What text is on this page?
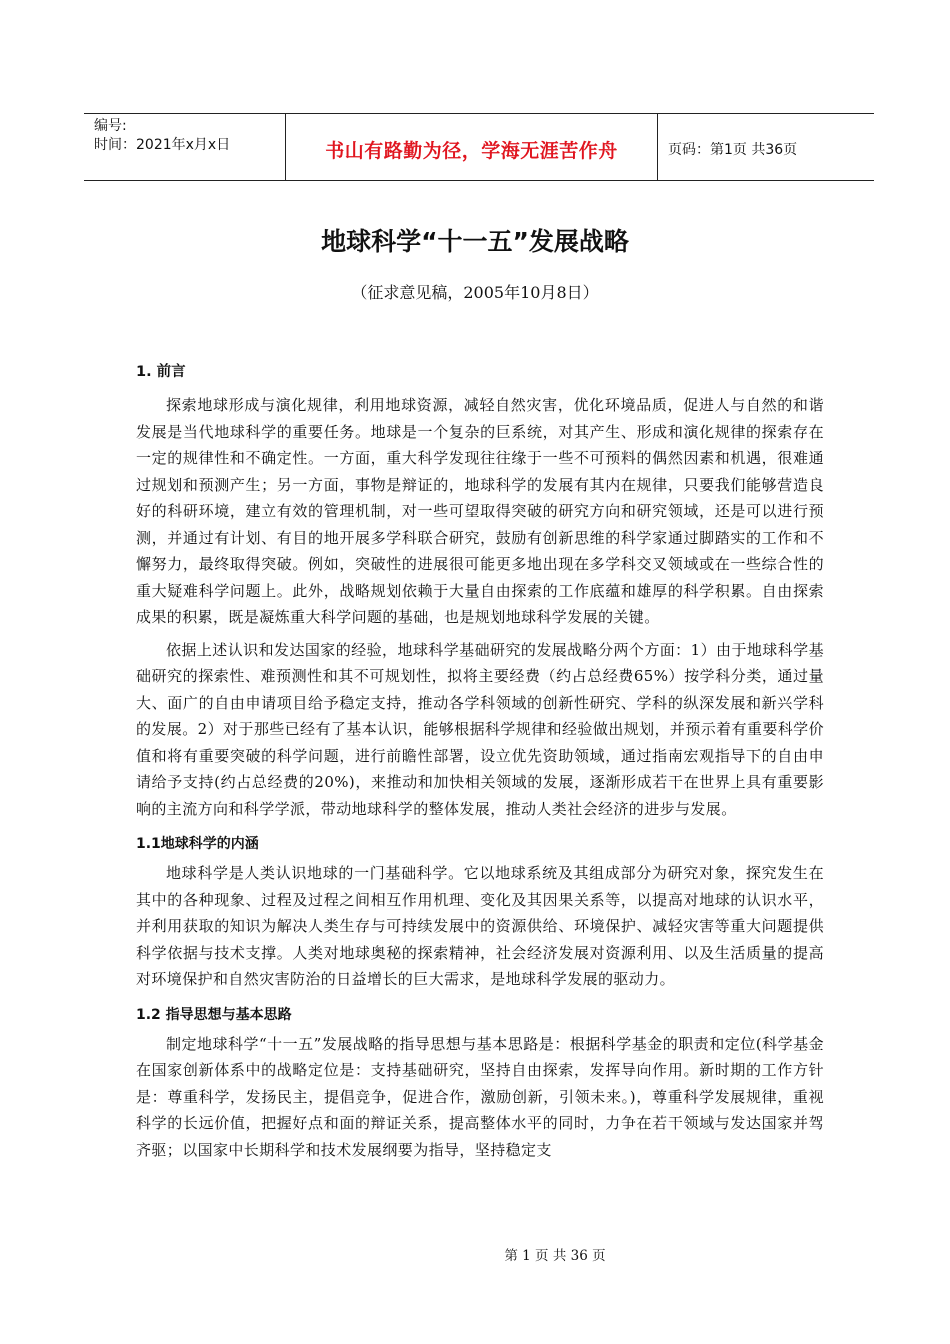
编号:
时间：2021年x月x日	书山有路勤为径，学海无涯苦作舟	页码：第1页 共36页
地球科学“十一五”发展战略
（征求意见稿，2005年10月8日）

1. 前言

探索地球形成与演化规律，利用地球资源，减轻自然灾害，优化环境品质，促进人与自然的和谐发展是当代地球科学的重要任务。地球是一个复杂的巨系统，对其产生、形成和演化规律的探索存在一定的规律性和不确定性。一方面，重大科学发现往往缘于一些不可预料的偶然因素和机遇，很难通过规划和预测产生；另一方面，事物是辩证的，地球科学的发展有其内在规律，只要我们能够营造良好的科研环境，建立有效的管理机制，对一些可望取得突破的研究方向和研究领域，还是可以进行预测，并通过有计划、有目的地开展多学科联合研究，鼓励有创新思维的科学家通过脚踏实的工作和不懈努力，最终取得突破。例如，突破性的进展很可能更多地出现在多学科交叉领域或在一些综合性的重大疑难科学问题上。此外，战略规划依赖于大量自由探索的工作底蕴和雄厚的科学积累。自由探索成果的积累，既是凝炼重大科学问题的基础，也是规划地球科学发展的关键。

依据上述认识和发达国家的经验，地球科学基础研究的发展战略分两个方面：1）由于地球科学基础研究的探索性、难预测性和其不可规划性，拟将主要经费（约占总经费65%）按学科分类，通过量大、面广的自由申请项目给予稳定支持，推动各学科领域的创新性研究、学科的纵深发展和新兴学科的发展。2）对于那些已经有了基本认识，能够根据科学规律和经验做出规划，并预示着有重要科学价值和将有重要突破的科学问题，进行前瞻性部署，设立优先资助领域，通过指南宏观指导下的自由申请给予支持(约占总经费的20%)，来推动和加快相关领域的发展，逐渐形成若干在世界上具有重要影响的主流方向和科学学派，带动地球科学的整体发展，推动人类社会经济的进步与发展。

1.1地球科学的内涵

地球科学是人类认识地球的一门基础科学。它以地球系统及其组成部分为研究对象，探究发生在其中的各种现象、过程及过程之间相互作用机理、变化及其因果关系等，以提高对地球的认识水平，并利用获取的知识为解决人类生存与可持续发展中的资源供给、环境保护、减轻灾害等重大问题提供科学依据与技术支撑。人类对地球奥秘的探索精神，社会经济发展对资源利用、以及生活质量的提高对环境保护和自然灾害防治的日益增长的巨大需求，是地球科学发展的驱动力。

1.2 指导思想与基本思路

制定地球科学“十一五”发展战略的指导思想与基本思路是：根据科学基金的职责和定位(科学基金在国家创新体系中的战略定位是：支持基础研究，坚持自由探索，发挥导向作用。新时期的工作方针是：尊重科学，发扬民主，提倡竞争，促进合作，激励创新，引领未来。)，尊重科学发展规律，重视科学的长远价值，把握好点和面的辩证关系，提高整体水平的同时，力争在若干领域与发达国家并驾齐驱；以国家中长期科学和技术发展纲要为指导，坚持稳定支

第 1 页 共 36 页
